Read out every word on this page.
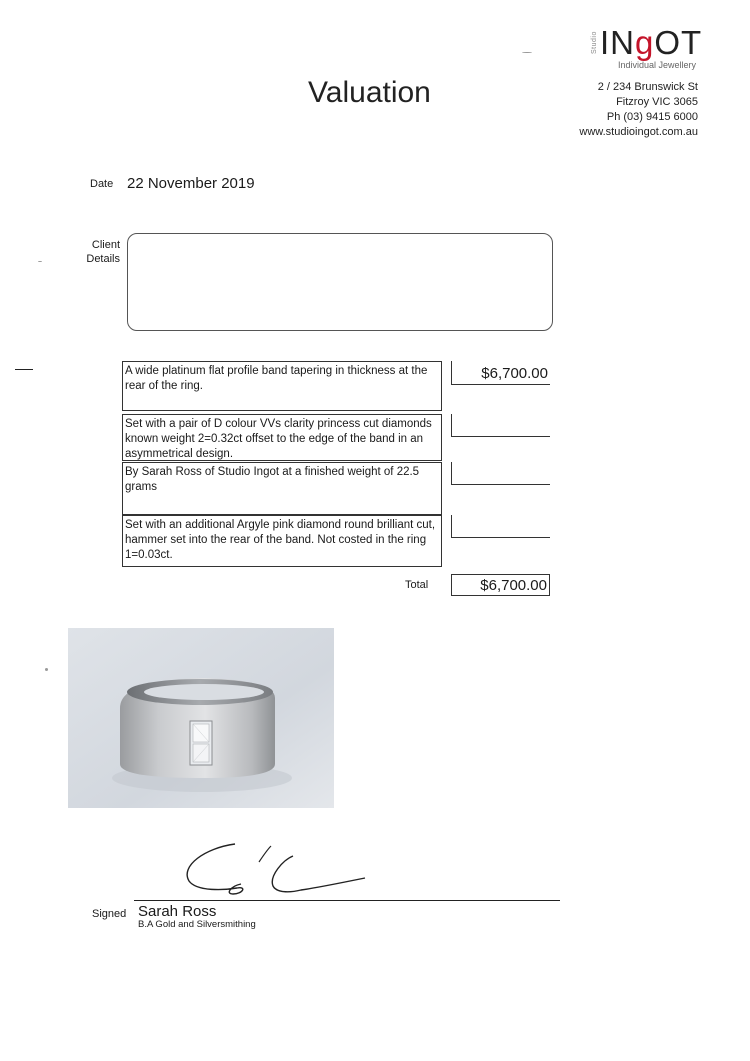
Studio INgOT
Individual Jewellery
2 / 234 Brunswick St
Fitzroy VIC 3065
Ph (03) 9415 6000
www.studioingot.com.au
Valuation
Date 22 November 2019
Client
Details
A wide platinum flat profile band tapering in thickness at the rear of the ring.
$6,700.00
Set with a pair of D colour VVs clarity princess cut diamonds known weight 2=0.32ct offset to the edge of the band in an asymmetrical design.
By Sarah Ross of Studio Ingot at a finished weight of 22.5 grams
Set with an additional Argyle pink diamond round brilliant cut, hammer set into the rear of the band. Not costed in the ring 1=0.03ct.
Total	$6,700.00
Signed Sarah Ross
B.A Gold and Silversmithing
